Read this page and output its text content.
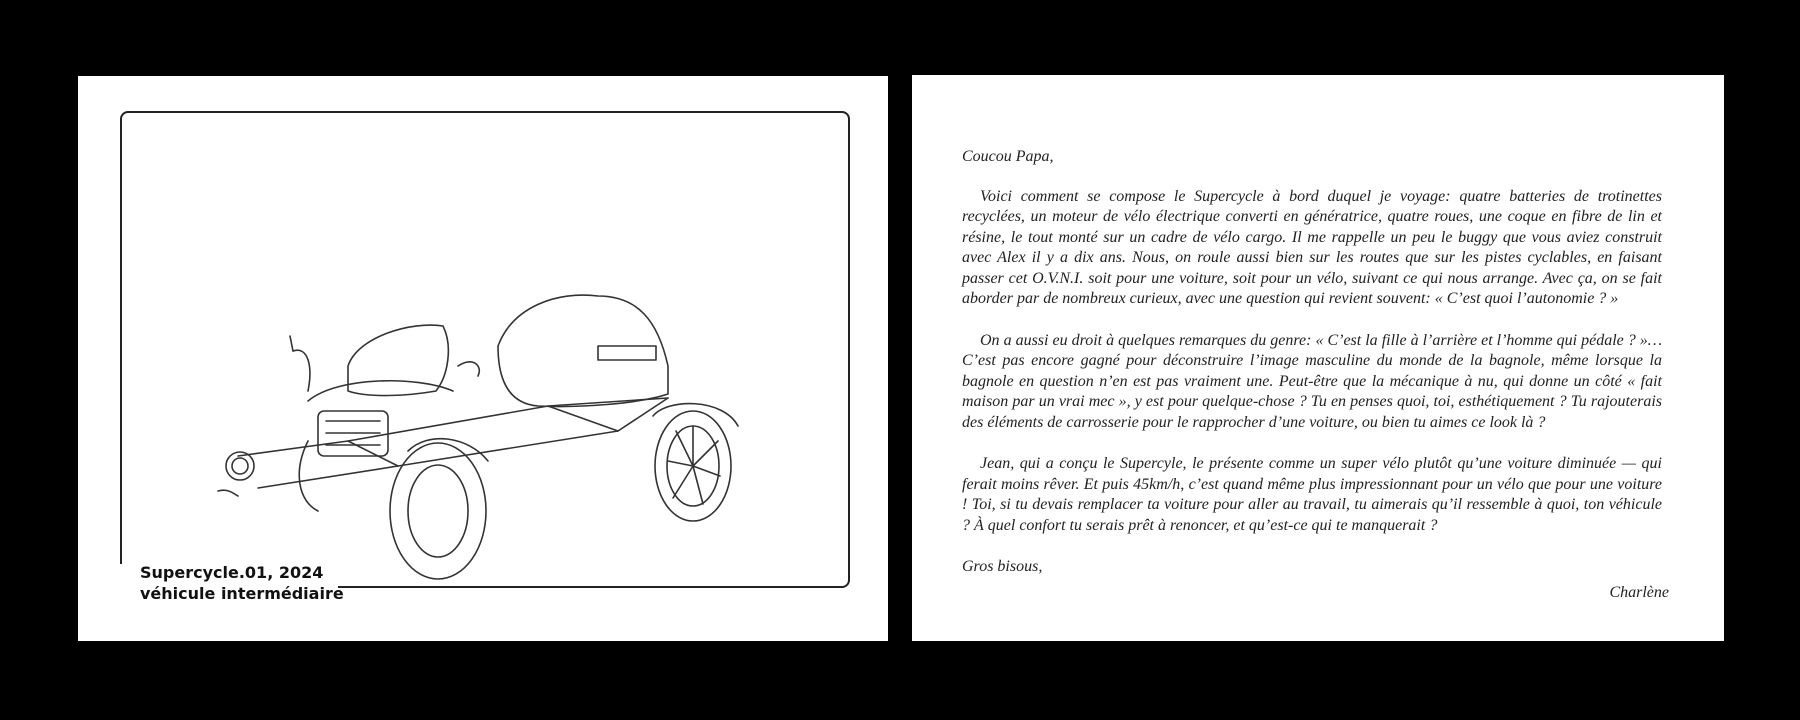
Supercycle.01, 2024
véhicule intermédiaire

Coucou Papa,

Voici comment se compose le Supercycle à bord duquel je voyage: quatre batteries de trotinettes recyclées, un moteur de vélo électrique converti en génératrice, quatre roues, une coque en fibre de lin et résine, le tout monté sur un cadre de vélo cargo. Il me rappelle un peu le buggy que vous aviez construit avec Alex il y a dix ans. Nous, on roule aussi bien sur les routes que sur les pistes cyclables, en faisant passer cet O.V.N.I. soit pour une voiture, soit pour un vélo, suivant ce qui nous arrange. Avec ça, on se fait aborder par de nombreux curieux, avec une question qui revient souvent: « C’est quoi l’autonomie ? »

On a aussi eu droit à quelques remarques du genre: « C’est la fille à l’arrière et l’homme qui pédale ? »… C’est pas encore gagné pour déconstruire l’image masculine du monde de la bagnole, même lorsque la bagnole en question n’en est pas vraiment une. Peut-être que la mécanique à nu, qui donne un côté « fait maison par un vrai mec », y est pour quelque-chose ? Tu en penses quoi, toi, esthétiquement ? Tu rajouterais des éléments de carrosserie pour le rapprocher d’une voiture, ou bien tu aimes ce look là ?

Jean, qui a conçu le Supercyle, le présente comme un super vélo plutôt qu’une voiture diminuée — qui ferait moins rêver. Et puis 45km/h, c’est quand même plus impressionnant pour un vélo que pour une voiture ! Toi, si tu devais remplacer ta voiture pour aller au travail, tu aimerais qu’il ressemble à quoi, ton véhicule ? À quel confort tu serais prêt à renoncer, et qu’est-ce qui te manquerait ?

Gros bisous,

Charlène
